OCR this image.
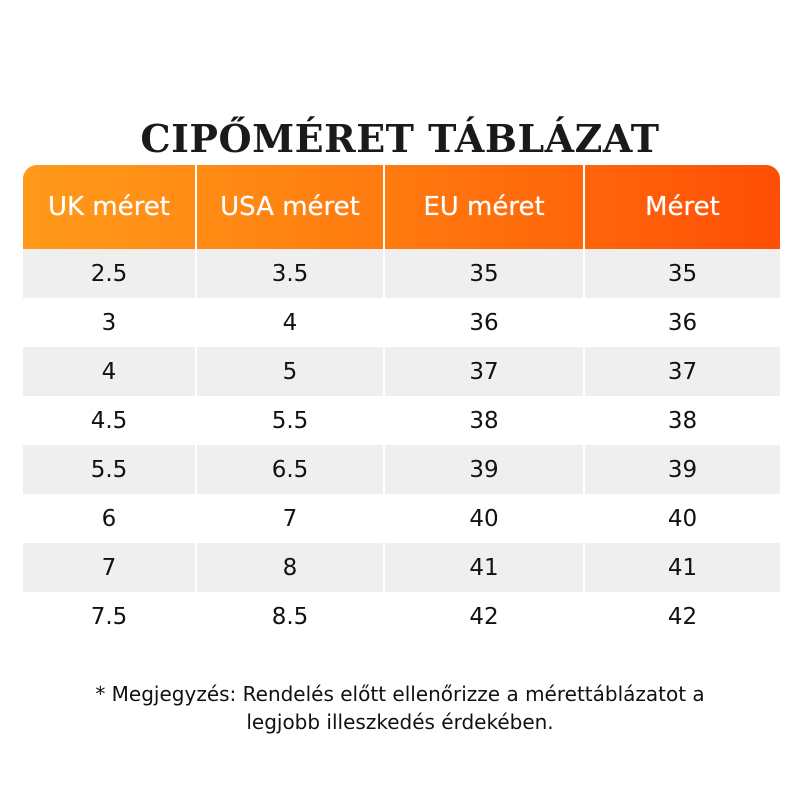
CIPŐMÉRET TÁBLÁZAT
UK méret	USA méret	EU méret	Méret
2.5	3.5	35	35
3	4	36	36
4	5	37	37
4.5	5.5	38	38
5.5	6.5	39	39
6	7	40	40
7	8	41	41
7.5	8.5	42	42
* Megjegyzés: Rendelés előtt ellenőrizze a mérettáblázatot a
legjobb illeszkedés érdekében.
